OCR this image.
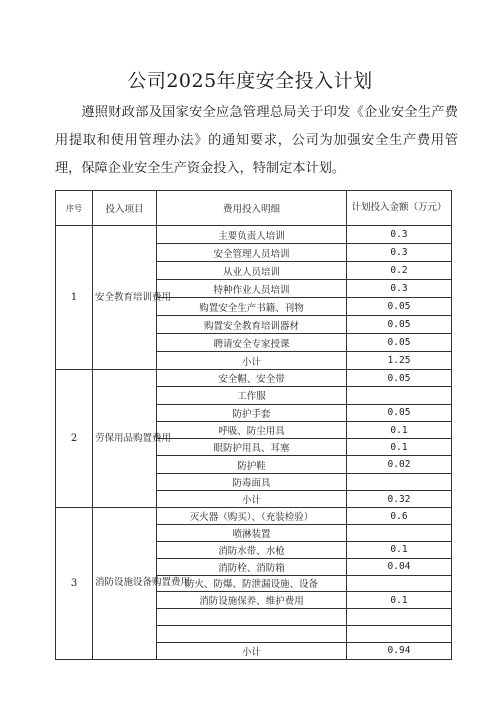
公司2025年度安全投入计划

遵照财政部及国家安全应急管理总局关于印发《企业安全生产费用提取和使用管理办法》的通知要求，公司为加强安全生产费用管理，保障企业安全生产资金投入，特制定本计划。

序号	投入项目	费用投入明细	计划投入金额（万元）
1	安全教育培训费用	主要负责人培训	0.3
		安全管理人员培训	0.3
		从业人员培训	0.2
		特种作业人员培训	0.3
		购置安全生产书籍、刊物	0.05
		购置安全教育培训器材	0.05
		聘请安全专家授课	0.05
		小计	1.25
2	劳保用品购置费用	安全帽、安全带	0.05
		工作服	
		防护手套	0.05
		呼吸、防尘用具	0.1
		眼防护用具、耳塞	0.1
		防护鞋	0.02
		防毒面具	
		小计	0.32
3	消防设施设备购置费用	灭火器（购买）、（充装检验）	0.6
		喷淋装置	
		消防水带、水枪	0.1
		消防栓、消防箱	0.04
		防火、防爆、防泄漏设施、设备	
		消防设施保养、维护费用	0.1

		小计	0.94
